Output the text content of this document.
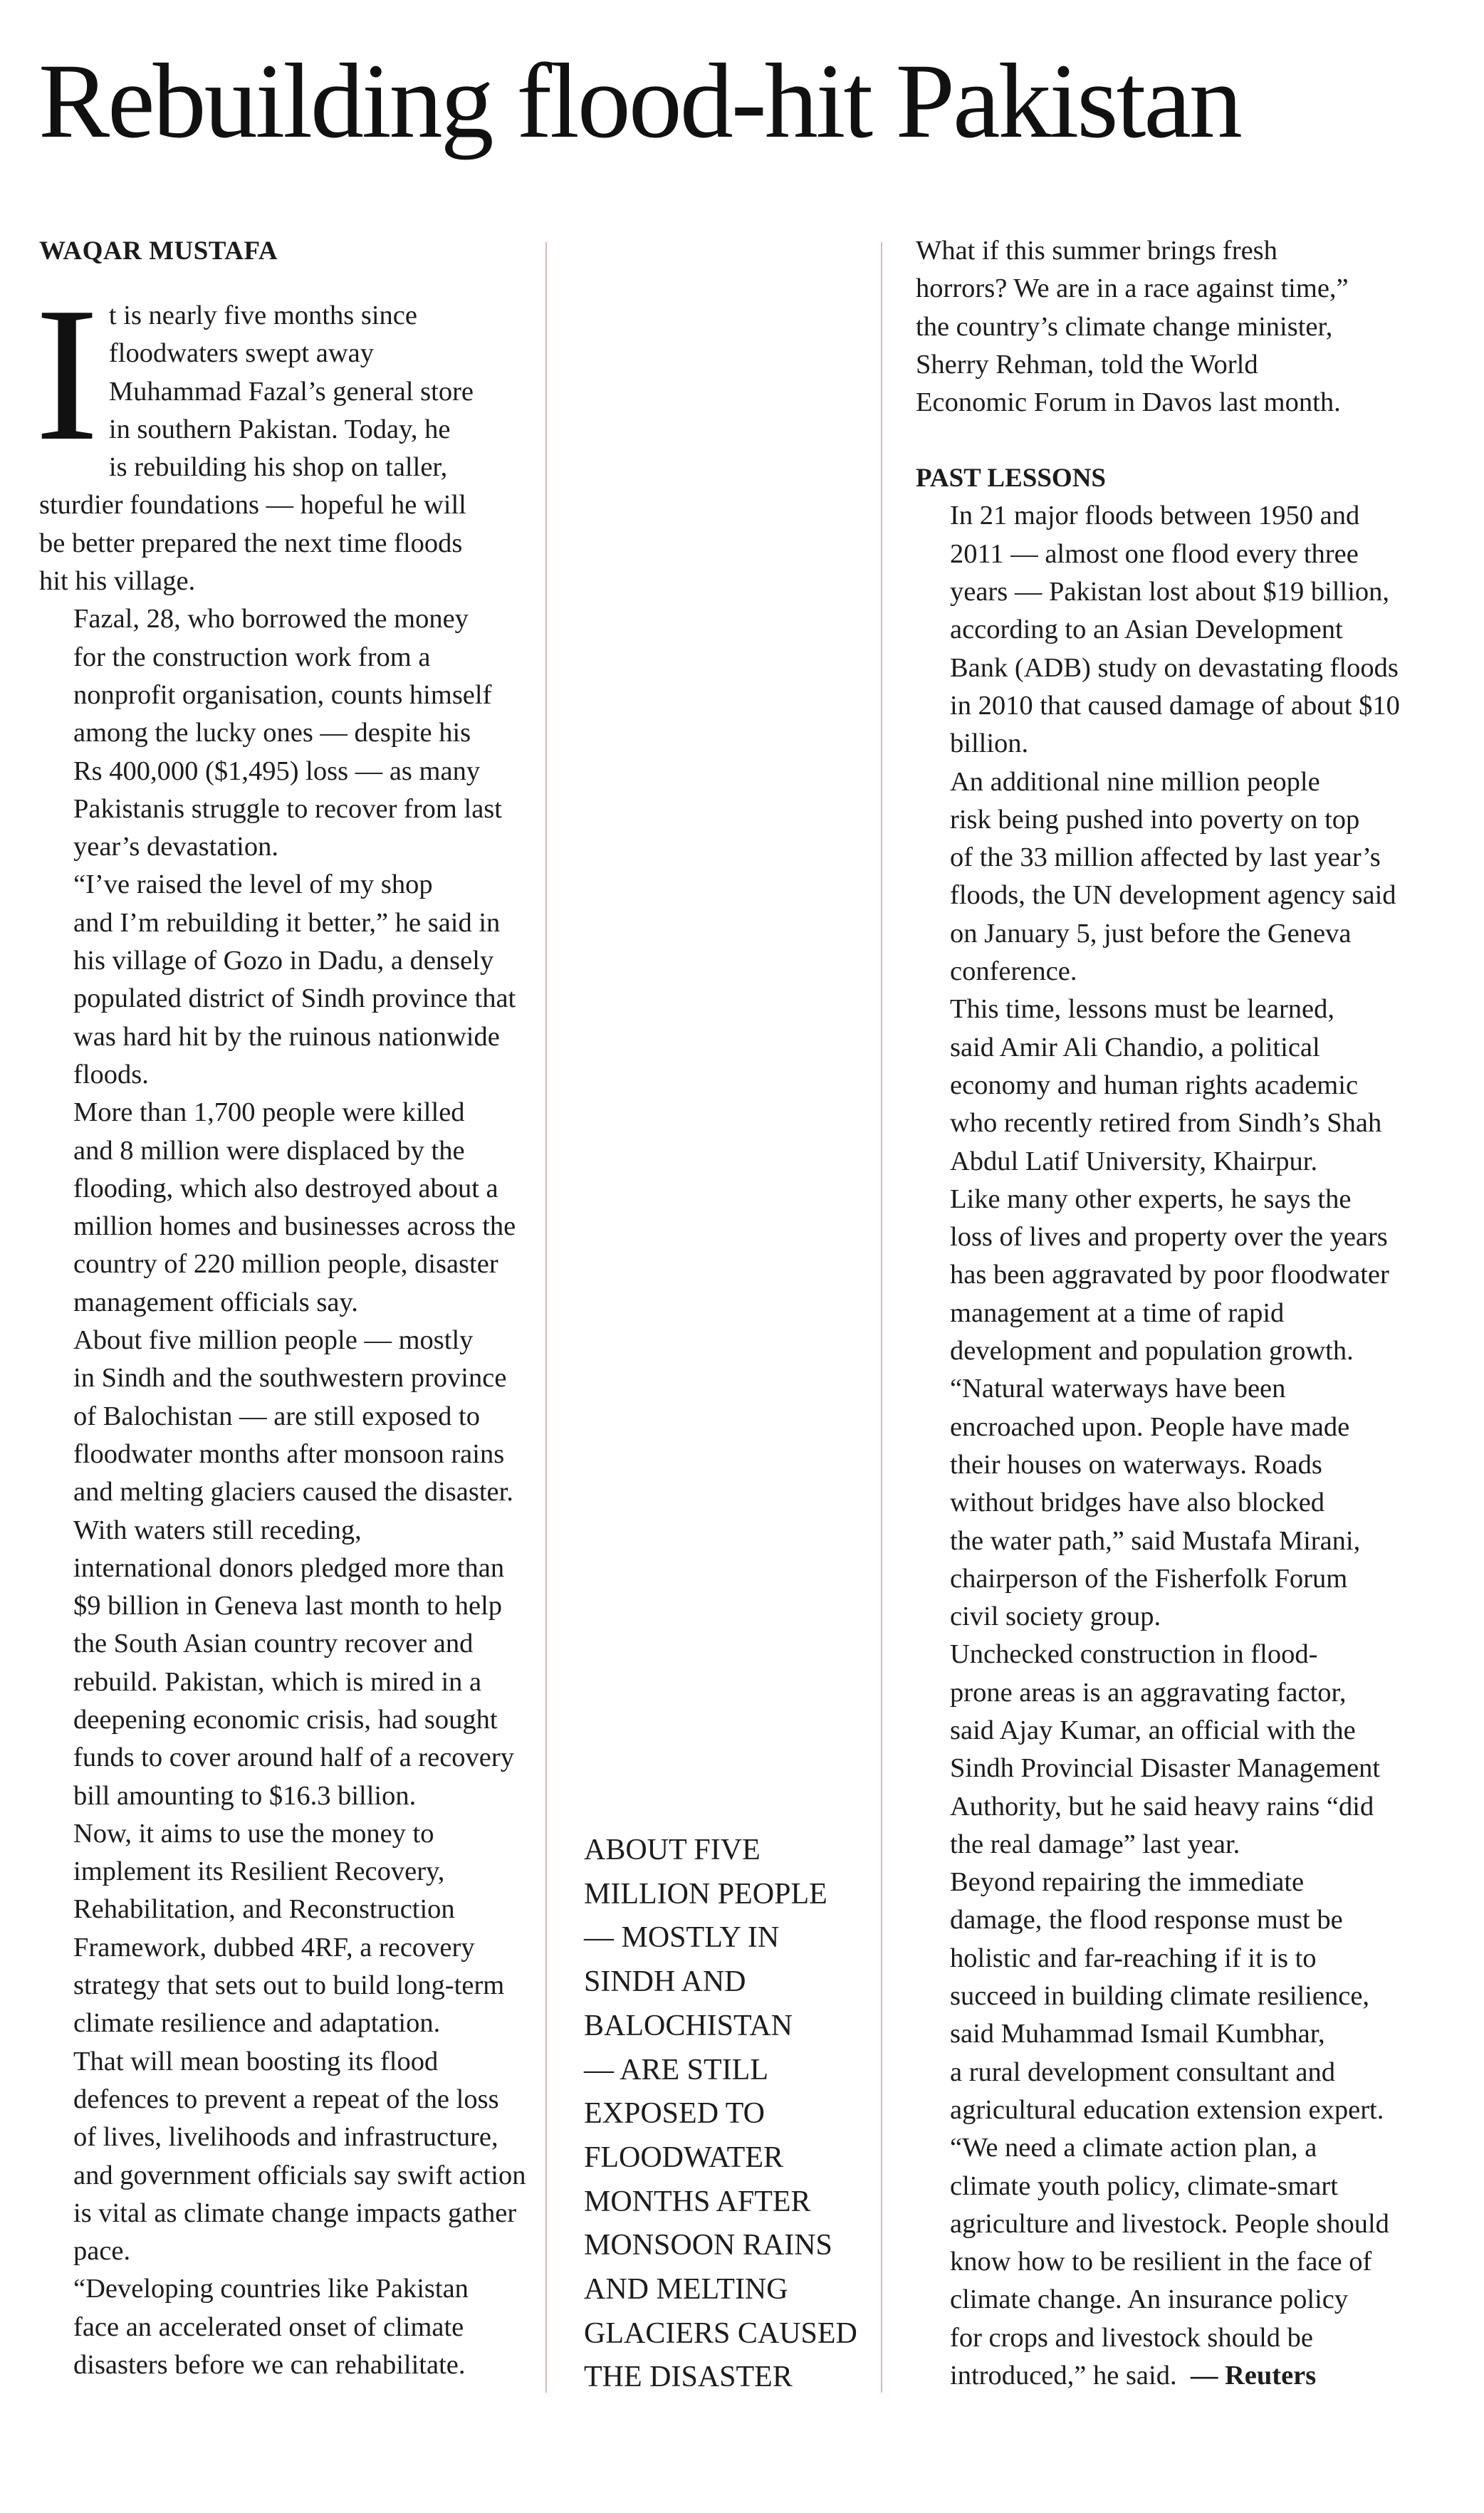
Rebuilding flood-hit Pakistan
WAQAR MUSTAFA

I t is nearly five months since
floodwaters swept away
Muhammad Fazal’s general store
in southern Pakistan. Today, he
is rebuilding his shop on taller,
sturdier foundations — hopeful he will
be better prepared the next time floods
hit his village.

Fazal, 28, who borrowed the money
for the construction work from a
nonprofit organisation, counts himself
among the lucky ones — despite his
Rs 400,000 ($1,495) loss — as many
Pakistanis struggle to recover from last
year’s devastation.

“I’ve raised the level of my shop
and I’m rebuilding it better,” he said in
his village of Gozo in Dadu, a densely
populated district of Sindh province that
was hard hit by the ruinous nationwide
floods.

More than 1,700 people were killed
and 8 million were displaced by the
flooding, which also destroyed about a
million homes and businesses across the
country of 220 million people, disaster
management officials say.

About five million people — mostly
in Sindh and the southwestern province
of Balochistan — are still exposed to
floodwater months after monsoon rains
and melting glaciers caused the disaster.

With waters still receding,
international donors pledged more than
$9 billion in Geneva last month to help
the South Asian country recover and
rebuild. Pakistan, which is mired in a
deepening economic crisis, had sought
funds to cover around half of a recovery
bill amounting to $16.3 billion.

Now, it aims to use the money to
implement its Resilient Recovery,
Rehabilitation, and Reconstruction
Framework, dubbed 4RF, a recovery
strategy that sets out to build long-term
climate resilience and adaptation.

That will mean boosting its flood
defences to prevent a repeat of the loss
of lives, livelihoods and infrastructure,
and government officials say swift action
is vital as climate change impacts gather
pace.

“Developing countries like Pakistan
face an accelerated onset of climate
disasters before we can rehabilitate.

ABOUT FIVE
MILLION PEOPLE
— MOSTLY IN
SINDH AND
BALOCHISTAN
— ARE STILL
EXPOSED TO
FLOODWATER
MONTHS AFTER
MONSOON RAINS
AND MELTING
GLACIERS CAUSED
THE DISASTER

What if this summer brings fresh
horrors? We are in a race against time,”
the country’s climate change minister,
Sherry Rehman, told the World
Economic Forum in Davos last month.

PAST LESSONS

In 21 major floods between 1950 and
2011 — almost one flood every three
years — Pakistan lost about $19 billion,
according to an Asian Development
Bank (ADB) study on devastating floods
in 2010 that caused damage of about $10
billion.

An additional nine million people
risk being pushed into poverty on top
of the 33 million affected by last year’s
floods, the UN development agency said
on January 5, just before the Geneva
conference.

This time, lessons must be learned,
said Amir Ali Chandio, a political
economy and human rights academic
who recently retired from Sindh’s Shah
Abdul Latif University, Khairpur.

Like many other experts, he says the
loss of lives and property over the years
has been aggravated by poor floodwater
management at a time of rapid
development and population growth.

“Natural waterways have been
encroached upon. People have made
their houses on waterways. Roads
without bridges have also blocked
the water path,” said Mustafa Mirani,
chairperson of the Fisherfolk Forum
civil society group.

Unchecked construction in flood-
prone areas is an aggravating factor,
said Ajay Kumar, an official with the
Sindh Provincial Disaster Management
Authority, but he said heavy rains “did
the real damage” last year.

Beyond repairing the immediate
damage, the flood response must be
holistic and far-reaching if it is to
succeed in building climate resilience,
said Muhammad Ismail Kumbhar,
a rural development consultant and
agricultural education extension expert.

“We need a climate action plan, a
climate youth policy, climate-smart
agriculture and livestock. People should
know how to be resilient in the face of
climate change. An insurance policy
for crops and livestock should be
introduced,” he said. — Reuters
